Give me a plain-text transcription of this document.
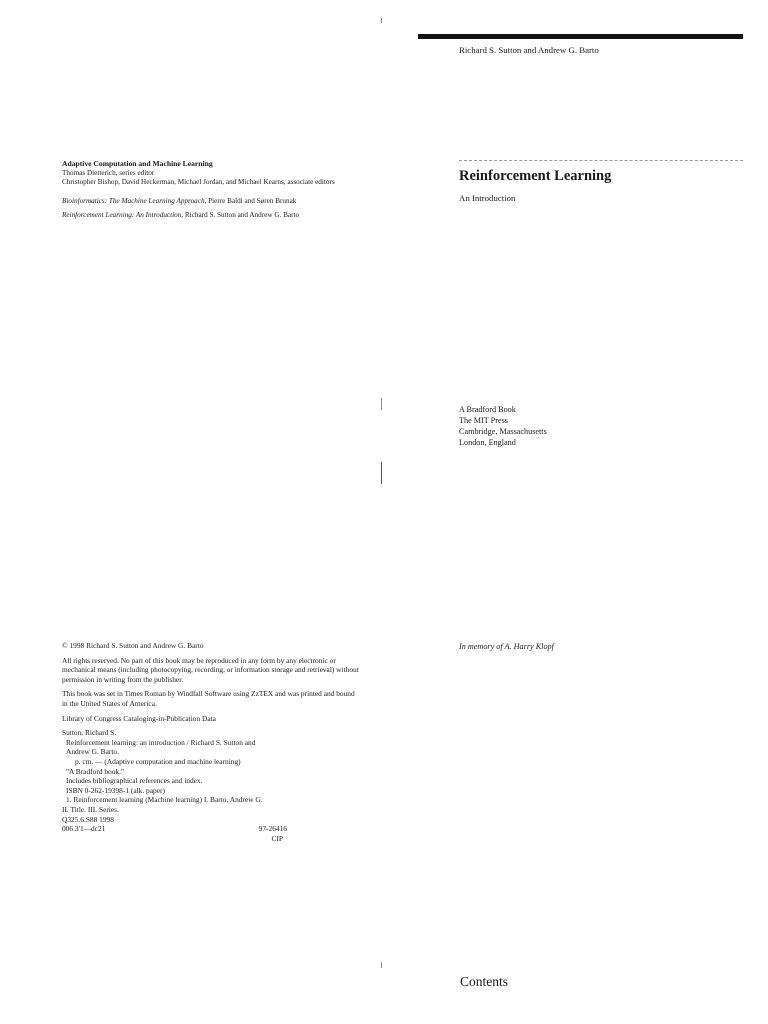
Adaptive Computation and Machine Learning
Thomas Dietterich, series editor
Christopher Bishop, David Heckerman, Michael Jordan, and Michael Kearns, associate editors
Bioinformatics: The Machine Learning Approach, Pierre Baldi and Søren Brunak
Reinforcement Learning: An Introduction, Richard S. Sutton and Andrew G. Barto

© 1998 Richard S. Sutton and Andrew G. Barto

All rights reserved. No part of this book may be reproduced in any form by any electronic or mechanical means (including photocopying, recording, or information storage and retrieval) without permission in writing from the publisher.

This book was set in Times Roman by Windfall Software using ZzTEX and was printed and bound in the United States of America.

Library of Congress Cataloging-in-Publication Data

Sutton, Richard S.
Reinforcement learning: an introduction / Richard S. Sutton and
Andrew G. Barto.
p. cm. — (Adaptive computation and machine learning)
"A Bradford book."
Includes bibliographical references and index.
ISBN 0-262-19398-1 (alk. paper)
1. Reinforcement learning (Machine learning) I. Barto, Andrew G.
II. Title. III. Series.
Q325.6.S88 1998
006.3'1—dc21	97-26416
CIP
Richard S. Sutton and Andrew G. Barto
Reinforcement Learning
An Introduction
A Bradford Book
The MIT Press
Cambridge, Massachusetts
London, England
In memory of A. Harry Klopf
Contents
